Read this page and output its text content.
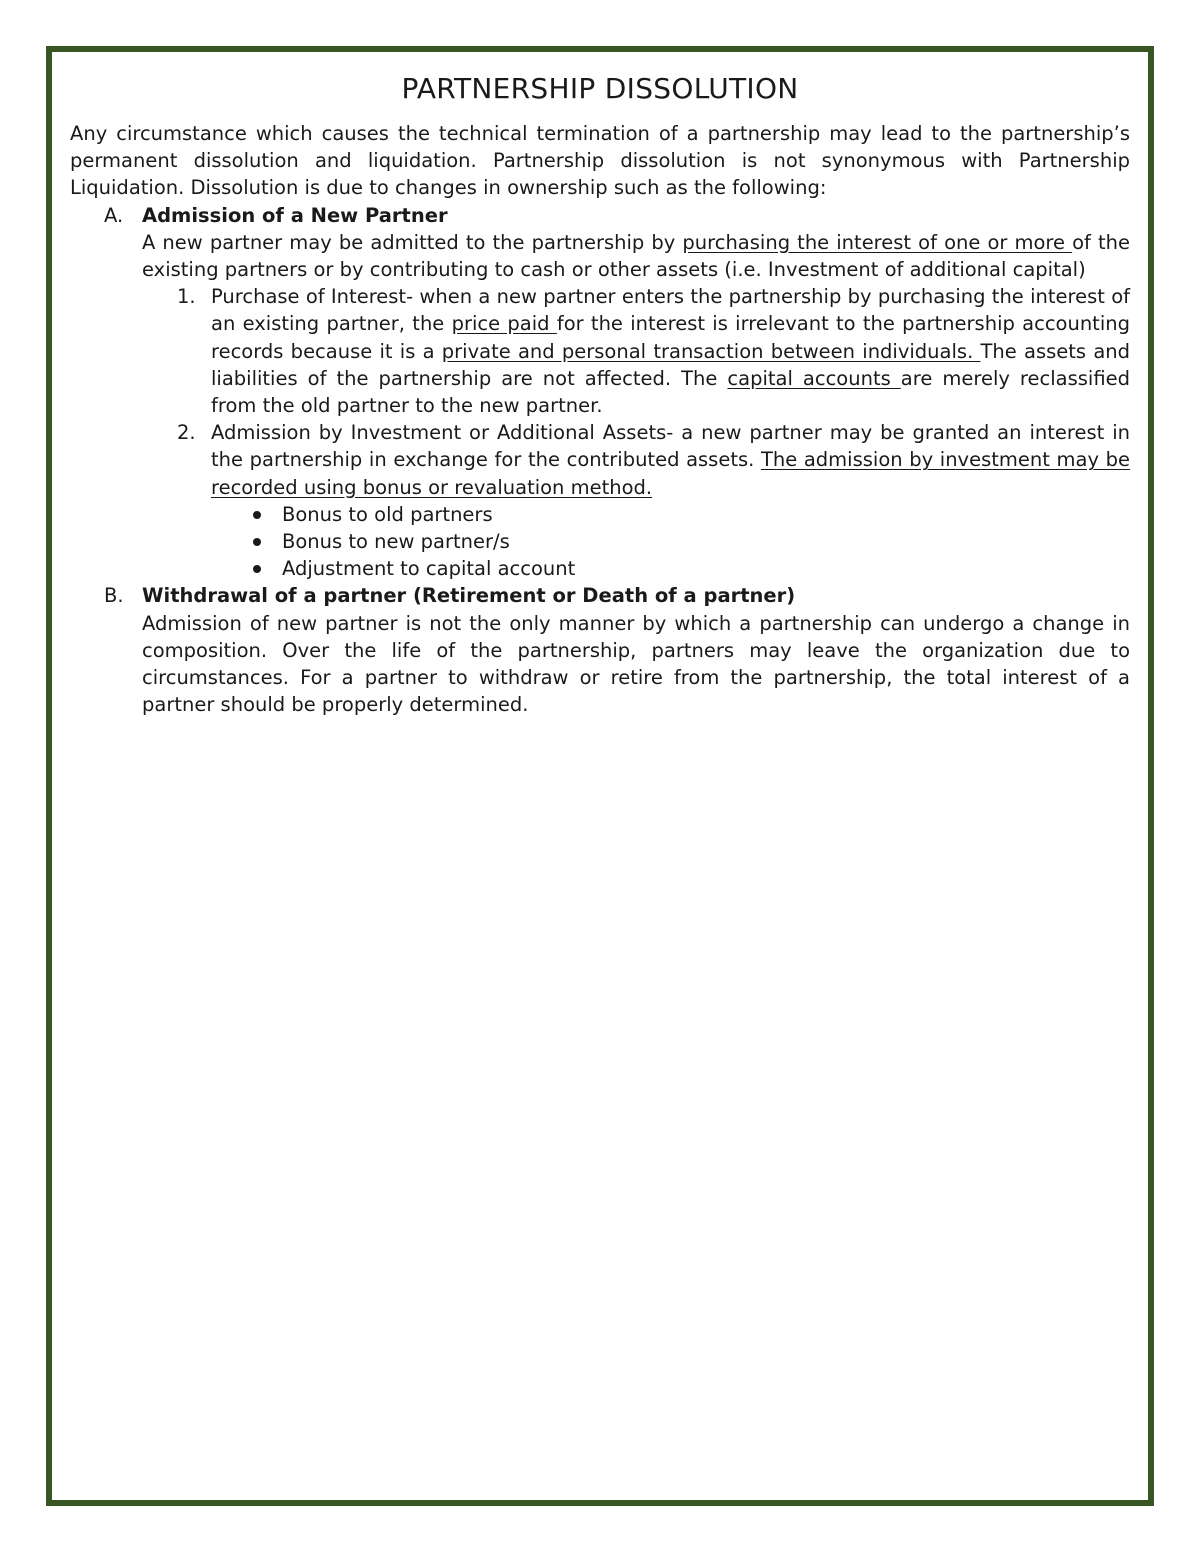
PARTNERSHIP DISSOLUTION
Any circumstance which causes the technical termination of a partnership may lead to the partnership’s permanent dissolution and liquidation. Partnership dissolution is not synonymous with Partnership Liquidation. Dissolution is due to changes in ownership such as the following:
A. Admission of a New Partner
A new partner may be admitted to the partnership by purchasing the interest of one or more of the existing partners or by contributing to cash or other assets (i.e. Investment of additional capital)
1. Purchase of Interest- when a new partner enters the partnership by purchasing the interest of an existing partner, the price paid for the interest is irrelevant to the partnership accounting records because it is a private and personal transaction between individuals. The assets and liabilities of the partnership are not affected. The capital accounts are merely reclassified from the old partner to the new partner.
2. Admission by Investment or Additional Assets- a new partner may be granted an interest in the partnership in exchange for the contributed assets. The admission by investment may be recorded using bonus or revaluation method.
Bonus to old partners
Bonus to new partner/s
Adjustment to capital account
B. Withdrawal of a partner (Retirement or Death of a partner)
Admission of new partner is not the only manner by which a partnership can undergo a change in composition. Over the life of the partnership, partners may leave the organization due to circumstances. For a partner to withdraw or retire from the partnership, the total interest of a partner should be properly determined.
